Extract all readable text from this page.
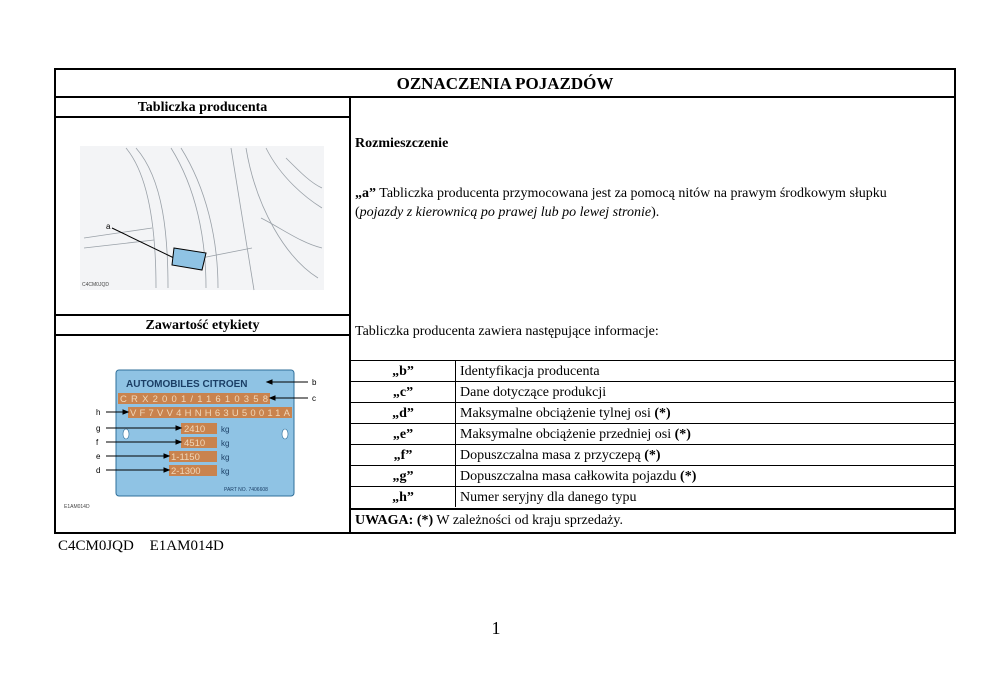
OZNACZENIA POJAZDÓW
Tabliczka producenta
a
C4CM0JQD
Zawartość etykiety
AUTOMOBILES CITROEN
CRX2001/11610358
VF7VV4HNH63U50011A
2410 kg
4510 kg
1-1150	kg
2-1300	kg
PART NO. 7406608
b
c
h
g
f
e
d
E1AM014D
Rozmieszczenie
„a” Tabliczka producenta przymocowana jest za pomocą nitów na prawym środkowym słupku (pojazdy z kierownicą po prawej lub po lewej stronie).
Tabliczka producenta zawiera następujące informacje:
„b”	Identyfikacja producenta
„c”	Dane dotyczące produkcji
„d”	Maksymalne obciążenie tylnej osi (*)
„e”	Maksymalne obciążenie przedniej osi (*)
„f”	Dopuszczalna masa z przyczepą (*)
„g”	Dopuszczalna masa całkowita pojazdu (*)
„h”	Numer seryjny dla danego typu
UWAGA: (*) W zależności od kraju sprzedaży.
C4CM0JQD E1AM014D
1
